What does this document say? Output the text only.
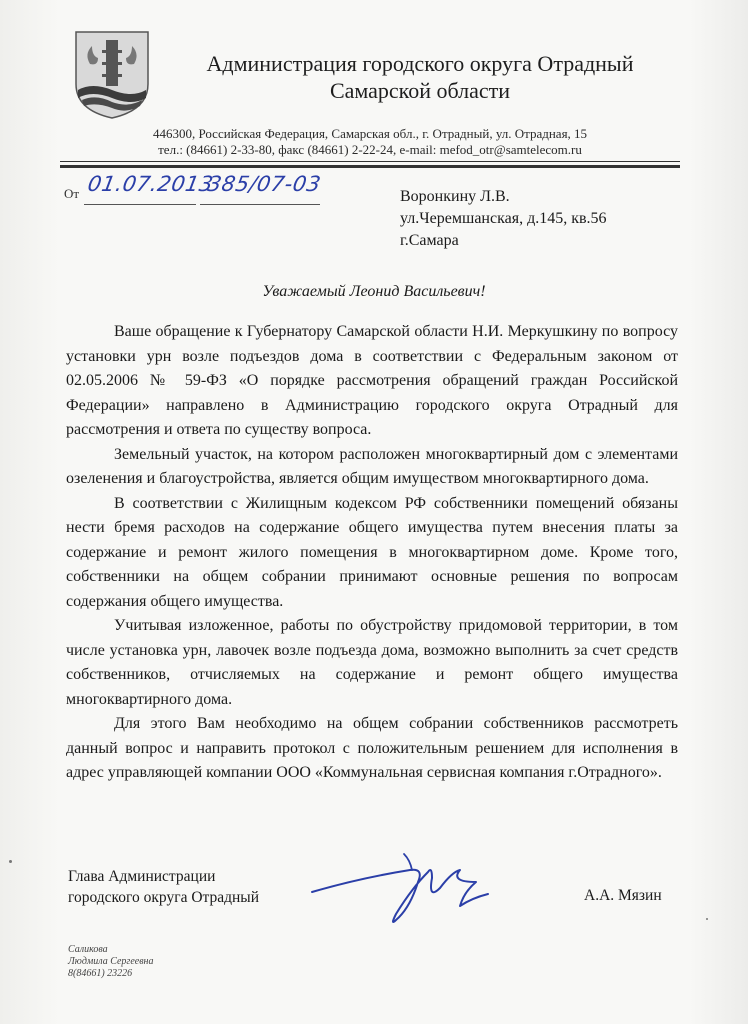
Администрация городского округа Отрадный
Самарской области
446300, Российская Федерация, Самарская обл., г. Отрадный, ул. Отрадная, 15
тел.: (84661) 2-33-80, факс (84661) 2-22-24, e-mail: mefod_otr@samtelecom.ru
От 01.07.2013
385/07-03
Воронкину Л.В.
ул.Черемшанская, д.145, кв.56
г.Самара
Уважаемый Леонид Васильевич!

Ваше обращение к Губернатору Самарской области Н.И. Меркушкину по вопросу установки урн возле подъездов дома в соответствии с Федеральным законом от 02.05.2006 № 59-ФЗ «О порядке рассмотрения обращений граждан Российской Федерации» направлено в Администрацию городского округа Отрадный для рассмотрения и ответа по существу вопроса.

Земельный участок, на котором расположен многоквартирный дом с элементами озеленения и благоустройства, является общим имуществом многоквартирного дома.

В соответствии с Жилищным кодексом РФ собственники помещений обязаны нести бремя расходов на содержание общего имущества путем внесения платы за содержание и ремонт жилого помещения в многоквартирном доме. Кроме того, собственники на общем собрании принимают основные решения по вопросам содержания общего имущества.

Учитывая изложенное, работы по обустройству придомовой территории, в том числе установка урн, лавочек возле подъезда дома, возможно выполнить за счет средств собственников, отчисляемых на содержание и ремонт общего имущества многоквартирного дома.

Для этого Вам необходимо на общем собрании собственников рассмотреть данный вопрос и направить протокол с положительным решением для исполнения в адрес управляющей компании ООО «Коммунальная сервисная компания г.Отрадного».

Глава Администрации
городского округа Отрадный	А.А. Мязин
Саликова
Людмила Сергеевна
8(84661) 23226
